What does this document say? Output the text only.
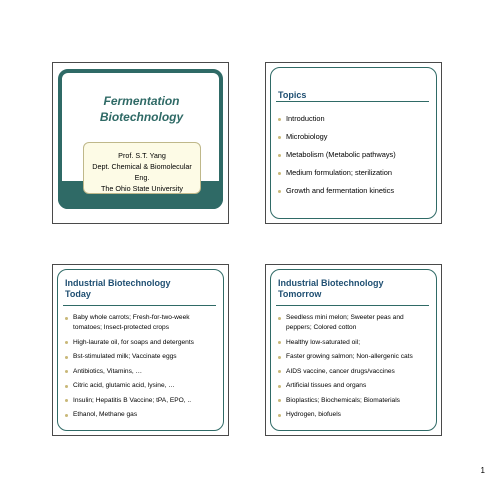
Fermentation
Biotechnology
Prof. S.T. Yang
Dept. Chemical & Biomolecular Eng.
The Ohio State University
Topics
Introduction
Microbiology
Metabolism (Metabolic pathways)
Medium formulation; sterilization
Growth and fermentation kinetics
Industrial Biotechnology
Today
Baby whole carrots; Fresh-for-two-week
tomatoes; Insect-protected crops
High-laurate oil, for soaps and detergents
Bst-stimulated milk; Vaccinate eggs
Antibiotics, Vitamins, …
Citric acid, glutamic acid, lysine, …
Insulin; Hepatitis B Vaccine; tPA, EPO, ..
Ethanol, Methane gas
Industrial Biotechnology
Tomorrow
Seedless mini melon; Sweeter peas and
peppers; Colored cotton
Healthy low-saturated oil;
Faster growing salmon; Non-allergenic cats
AIDS vaccine, cancer drugs/vaccines
Artificial tissues and organs
Bioplastics; Biochemicals; Biomaterials
Hydrogen, biofuels
1
